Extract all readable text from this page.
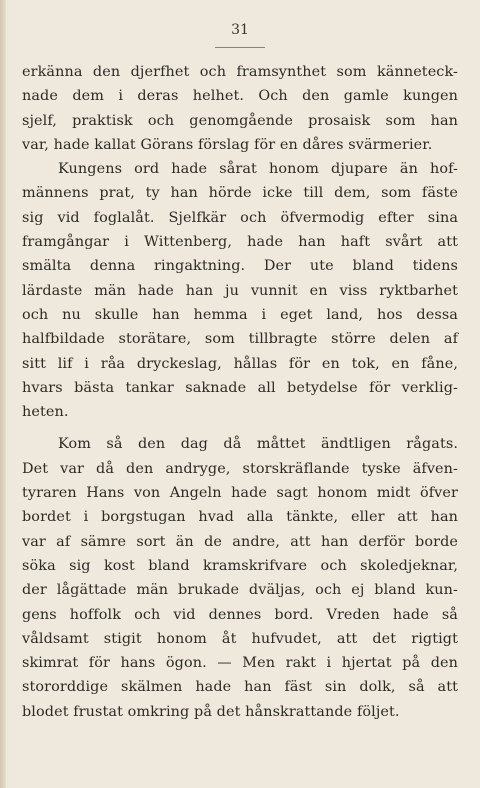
31
erkänna den djerfhet och framsynthet som känneteck-
nade dem i deras helhet. Och den gamle kungen
sjelf, praktisk och genomgående prosaisk som han
var, hade kallat Görans förslag för en dåres svärmerier.
Kungens ord hade sårat honom djupare än hof-
männens prat, ty han hörde icke till dem, som fäste
sig vid foglalåt. Sjelfkär och öfvermodig efter sina
framgångar i Wittenberg, hade han haft svårt att
smälta denna ringaktning. Der ute bland tidens
lärdaste män hade han ju vunnit en viss ryktbarhet
och nu skulle han hemma i eget land, hos dessa
halfbildade storätare, som tillbragte större delen af
sitt lif i råa dryckeslag, hållas för en tok, en fåne,
hvars bästa tankar saknade all betydelse för verklig-
heten.
Kom så den dag då måttet ändtligen rågats.
Det var då den andryge, storskräflande tyske äfven-
tyraren Hans von Angeln hade sagt honom midt öfver
bordet i borgstugan hvad alla tänkte, eller att han
var af sämre sort än de andre, att han derför borde
söka sig kost bland kramskrifvare och skoledjeknar,
der lågättade män brukade dväljas, och ej bland kun-
gens hoffolk och vid dennes bord. Vreden hade så
våldsamt stigit honom åt hufvudet, att det rigtigt
skimrat för hans ögon. — Men rakt i hjertat på den
stororddige skälmen hade han fäst sin dolk, så att
blodet frustat omkring på det hånskrattande följet.
